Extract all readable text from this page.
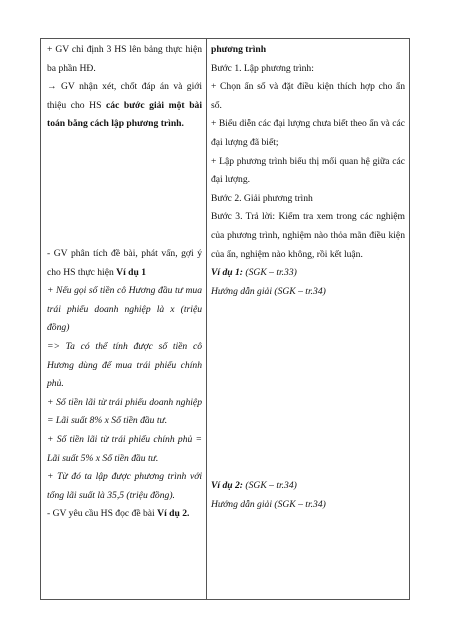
+ GV chỉ định 3 HS lên bảng thực hiện ba phần HĐ.

→ GV nhận xét, chốt đáp án và giới thiệu cho HS các bước giải một bài toán bằng cách lập phương trình.

- GV phân tích đề bài, phát vấn, gợi ý cho HS thực hiện Ví dụ 1

+ Nếu gọi số tiền cô Hương đầu tư mua trái phiếu doanh nghiệp là x (triệu đồng)

=> Ta có thể tính được số tiền cô Hương dùng để mua trái phiếu chính phủ.

+ Số tiền lãi từ trái phiếu doanh nghiệp = Lãi suất 8% x Số tiền đầu tư.

+ Số tiền lãi từ trái phiếu chính phủ = Lãi suất 5% x Số tiền đầu tư.

+ Từ đó ta lập được phương trình với tổng lãi suất là 35,5 (triệu đồng).

- GV yêu cầu HS đọc đề bài Ví dụ 2.

phương trình

Bước 1. Lập phương trình:

+ Chọn ẩn số và đặt điều kiện thích hợp cho ẩn số.

+ Biểu diễn các đại lượng chưa biết theo ẩn và các đại lượng đã biết;

+ Lập phương trình biểu thị mối quan hệ giữa các đại lượng.

Bước 2. Giải phương trình

Bước 3. Trả lời: Kiểm tra xem trong các nghiệm của phương trình, nghiệm nào thỏa mãn điều kiện của ẩn, nghiệm nào không, rồi kết luận.

Ví dụ 1: (SGK – tr.33)

Hướng dẫn giải (SGK – tr.34)

Ví dụ 2: (SGK – tr.34)

Hướng dẫn giải (SGK – tr.34)
